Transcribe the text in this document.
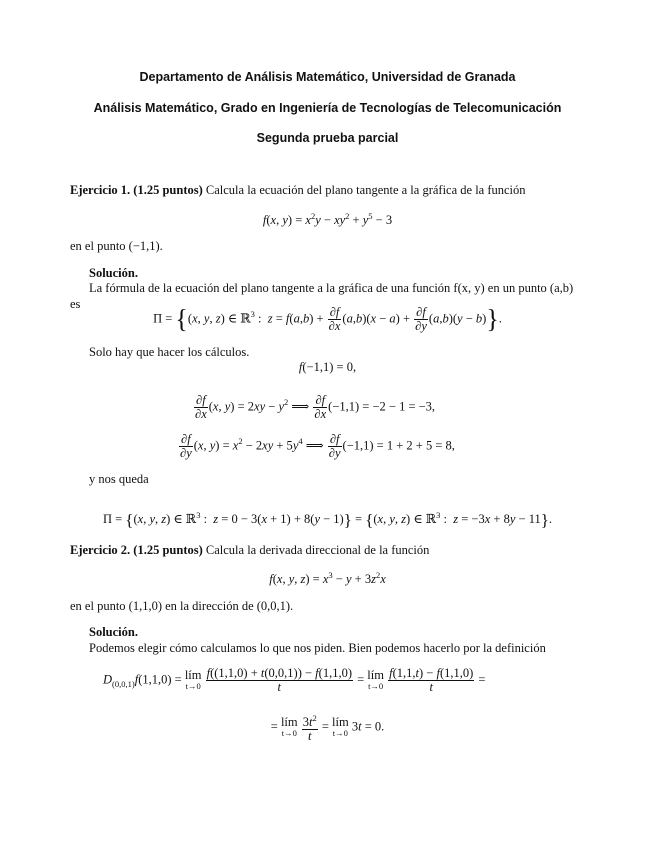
Departamento de Análisis Matemático, Universidad de Granada
Análisis Matemático, Grado en Ingeniería de Tecnologías de Telecomunicación
Segunda prueba parcial
Ejercicio 1. (1.25 puntos) Calcula la ecuación del plano tangente a la gráfica de la función
f(x, $y) = x^2y - xy^2 + y^5 - 3$
en el punto (−1,1).
Solución.
La fórmula de la ecuación del plano tangente a la gráfica de una función f(x, y) en un punto (a,b)
es
Π = {(x, y, z) ∈ ℝ$^3$ :  $z = f(a,b) + \frac{\partial f}{\partial x} (a,b)(x - a) + \frac{\partial f}{\partial y} (a,b)(y - b)$}.
Solo hay que hacer los cálculos.
f(−1,1) = 0,
$\frac{\partial f}{\partial x} (x$, $y) = 2xy - y^2$ ⟹ $\frac{\partial f}{\partial x} (-1,1) = -2 - 1 = -3$,
$\frac{\partial f}{\partial y} (x$, $y) = x^2 - 2xy + 5y^4$ ⟹ $\frac{\partial f}{\partial y} (-1,1) = 1 + 2 + 5 = 8$,
y nos queda
Π = {(x, y, z) ∈ ℝ$^3$ :  z = 0 − 3(x + 1) + 8(y − 1)} = {(x, y, z) ∈ ℝ$^3$ :  z = −3x + 8y − 11}.
Ejercicio 2. (1.25 puntos) Calcula la derivada direccional de la función
f(x, y, $z) = x^3 - y + 3z^2x$
en el punto (1,1,0) en la dirección de (0,0,1).
Solución.
Podemos elegir cómo calculamos lo que nos piden. Bien podemos hacerlo por la definición
$D_{(0,0,1)}f(1,1,0)$ = lím
t→0
$\frac{f((1,1,0) + t(0,0,1)) - f(1,1,0)}{t}$ = lím
t→0
$\frac{f(1,1,t) - f(1,1,0)}{t}$ =
= lím
t→0
$\frac{3t^2}{t}$ = lím
t→0 3t = 0.
